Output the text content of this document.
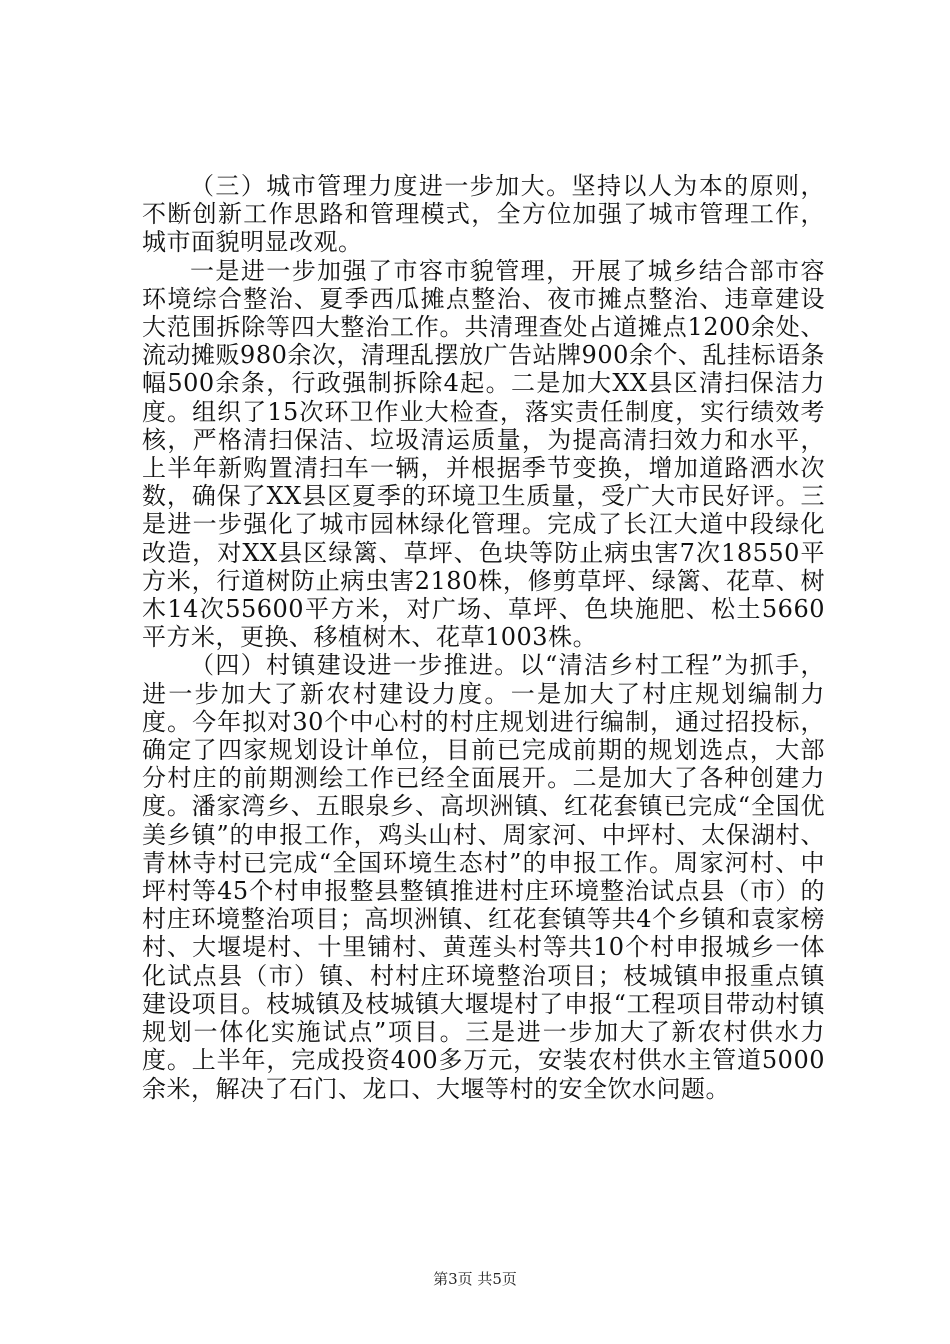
（三）城市管理力度进一步加大。坚持以人为本的原则，不断创新工作思路和管理模式，全方位加强了城市管理工作，城市面貌明显改观。

一是进一步加强了市容市貌管理，开展了城乡结合部市容环境综合整治、夏季西瓜摊点整治、夜市摊点整治、违章建设大范围拆除等四大整治工作。共清理查处占道摊点1200余处、流动摊贩980余次，清理乱摆放广告站牌900余个、乱挂标语条幅500余条，行政强制拆除4起。二是加大XX县区清扫保洁力度。组织了15次环卫作业大检查，落实责任制度，实行绩效考核，严格清扫保洁、垃圾清运质量，为提高清扫效力和水平，上半年新购置清扫车一辆，并根据季节变换，增加道路洒水次数，确保了XX县区夏季的环境卫生质量，受广大市民好评。三是进一步强化了城市园林绿化管理。完成了长江大道中段绿化改造，对XX县区绿篱、草坪、色块等防止病虫害7次18550平方米，行道树防止病虫害2180株，修剪草坪、绿篱、花草、树木14次55600平方米，对广场、草坪、色块施肥、松土5660平方米，更换、移植树木、花草1003株。

（四）村镇建设进一步推进。以“清洁乡村工程”为抓手，进一步加大了新农村建设力度。一是加大了村庄规划编制力度。今年拟对30个中心村的村庄规划进行编制，通过招投标，确定了四家规划设计单位，目前已完成前期的规划选点，大部分村庄的前期测绘工作已经全面展开。二是加大了各种创建力度。潘家湾乡、五眼泉乡、高坝洲镇、红花套镇已完成“全国优美乡镇”的申报工作，鸡头山村、周家河、中坪村、太保湖村、青林寺村已完成“全国环境生态村”的申报工作。周家河村、中坪村等45个村申报整县整镇推进村庄环境整治试点县（市）的村庄环境整治项目；高坝洲镇、红花套镇等共4个乡镇和袁家榜村、大堰堤村、十里铺村、黄莲头村等共10个村申报城乡一体化试点县（市）镇、村村庄环境整治项目；枝城镇申报重点镇建设项目。枝城镇及枝城镇大堰堤村了申报“工程项目带动村镇规划一体化实施试点”项目。三是进一步加大了新农村供水力度。上半年，完成投资400多万元，安装农村供水主管道5000余米，解决了石门、龙口、大堰等村的安全饮水问题。

第3页 共5页
